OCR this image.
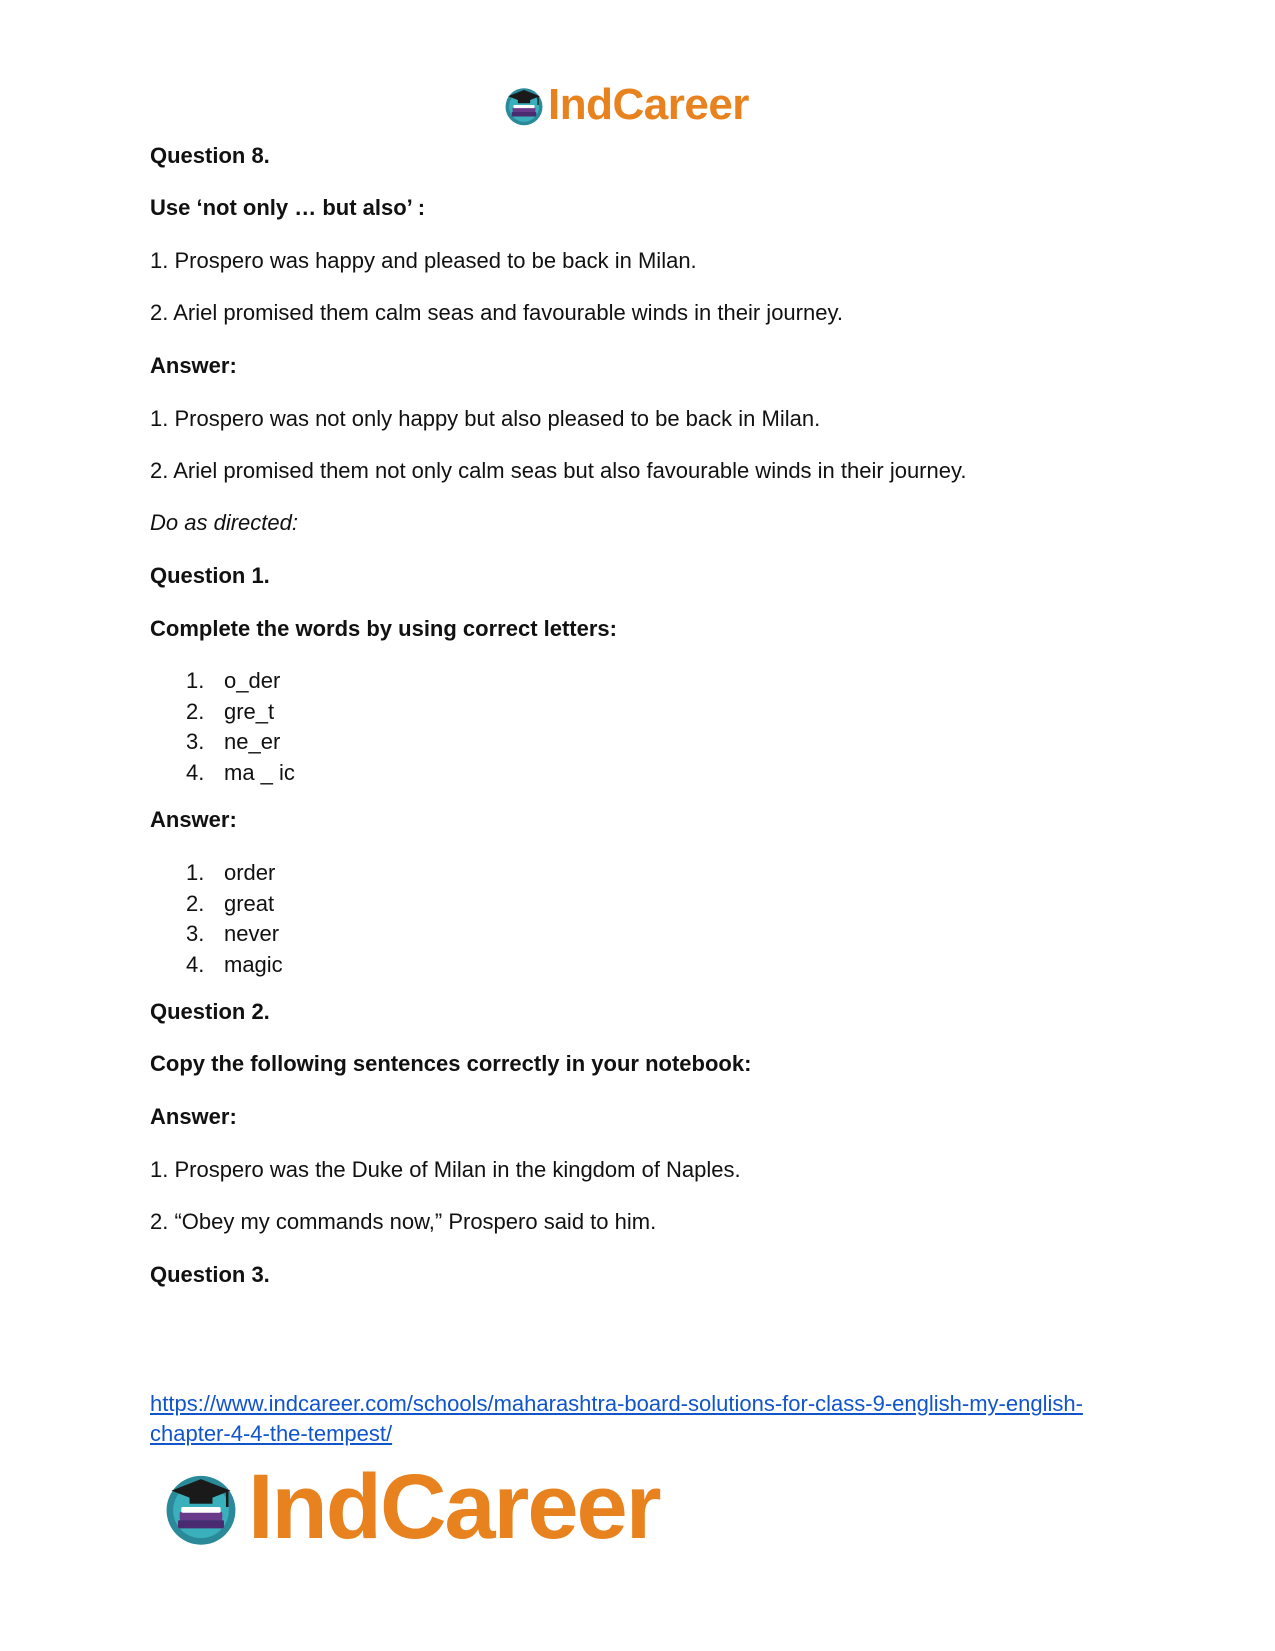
IndCareer
Question 8.
Use ‘not only … but also’ :
1. Prospero was happy and pleased to be back in Milan.
2. Ariel promised them calm seas and favourable winds in their journey.
Answer:
1. Prospero was not only happy but also pleased to be back in Milan.
2. Ariel promised them not only calm seas but also favourable winds in their journey.
Do as directed:
Question 1.
Complete the words by using correct letters:
1. o_der
2. gre_t
3. ne_er
4. ma _ ic
Answer:
1. order
2. great
3. never
4. magic
Question 2.
Copy the following sentences correctly in your notebook:
Answer:
1. Prospero was the Duke of Milan in the kingdom of Naples.
2. “Obey my commands now,” Prospero said to him.
Question 3.
https://www.indcareer.com/schools/maharashtra-board-solutions-for-class-9-english-my-english-
chapter-4-4-the-tempest/
IndCareer
